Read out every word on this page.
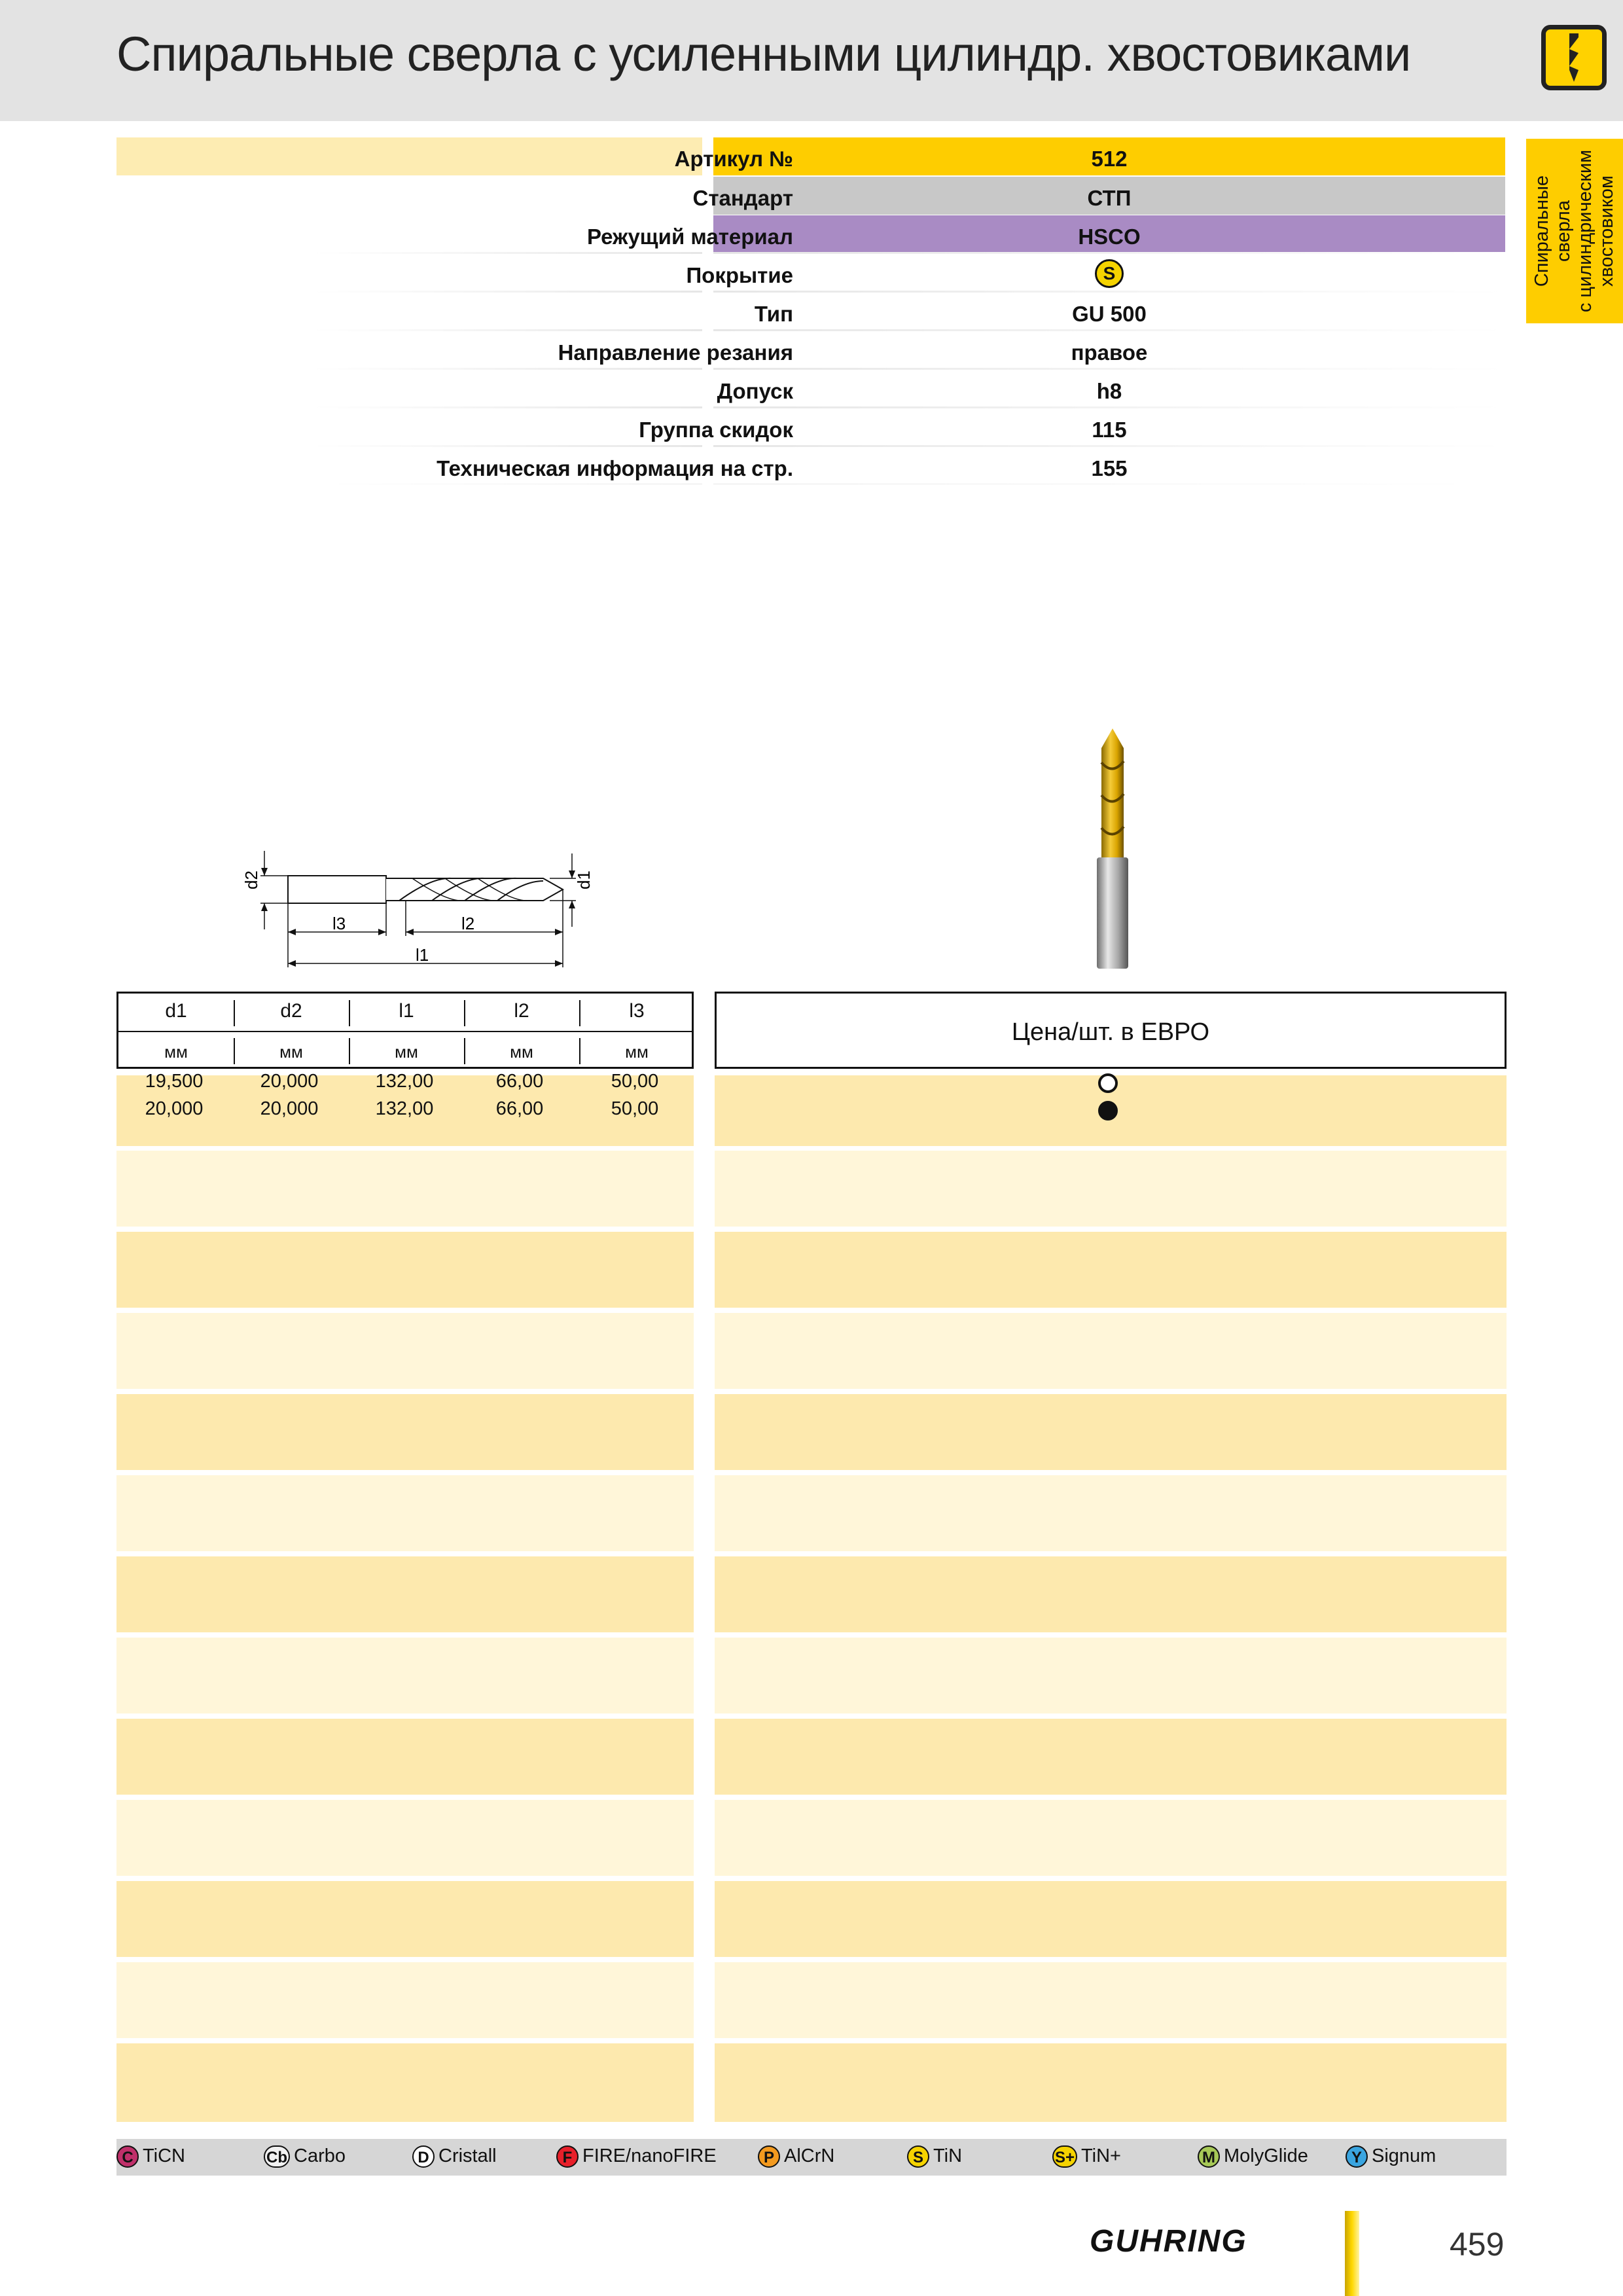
Спиральные сверла с усиленными цилиндр. хвостовиками
Спиральные сверла
с цилиндрическим
хвостовиком
Артикул №	512
Стандарт	СТП
Режущий материал	HSCO
Покрытие	S
Тип	GU 500
Направление резания	правое
Допуск	h8
Группа скидок	115
Техническая информация на стр.	155
d2	d1
l3	l2
l1
d1	d2	l1	l2	l3
мм	мм	мм	мм	мм
Цена/шт. в ЕВРО
19,500	20,000	132,00	66,00	50,00
20,000	20,000	132,00	66,00	50,00
C TiCN	Cb Carbo	D Cristall	F FIRE/nanoFIRE	P AlCrN	S TiN	S+ TiN+	M MolyGlide	Y Signum
GUHRING	459
